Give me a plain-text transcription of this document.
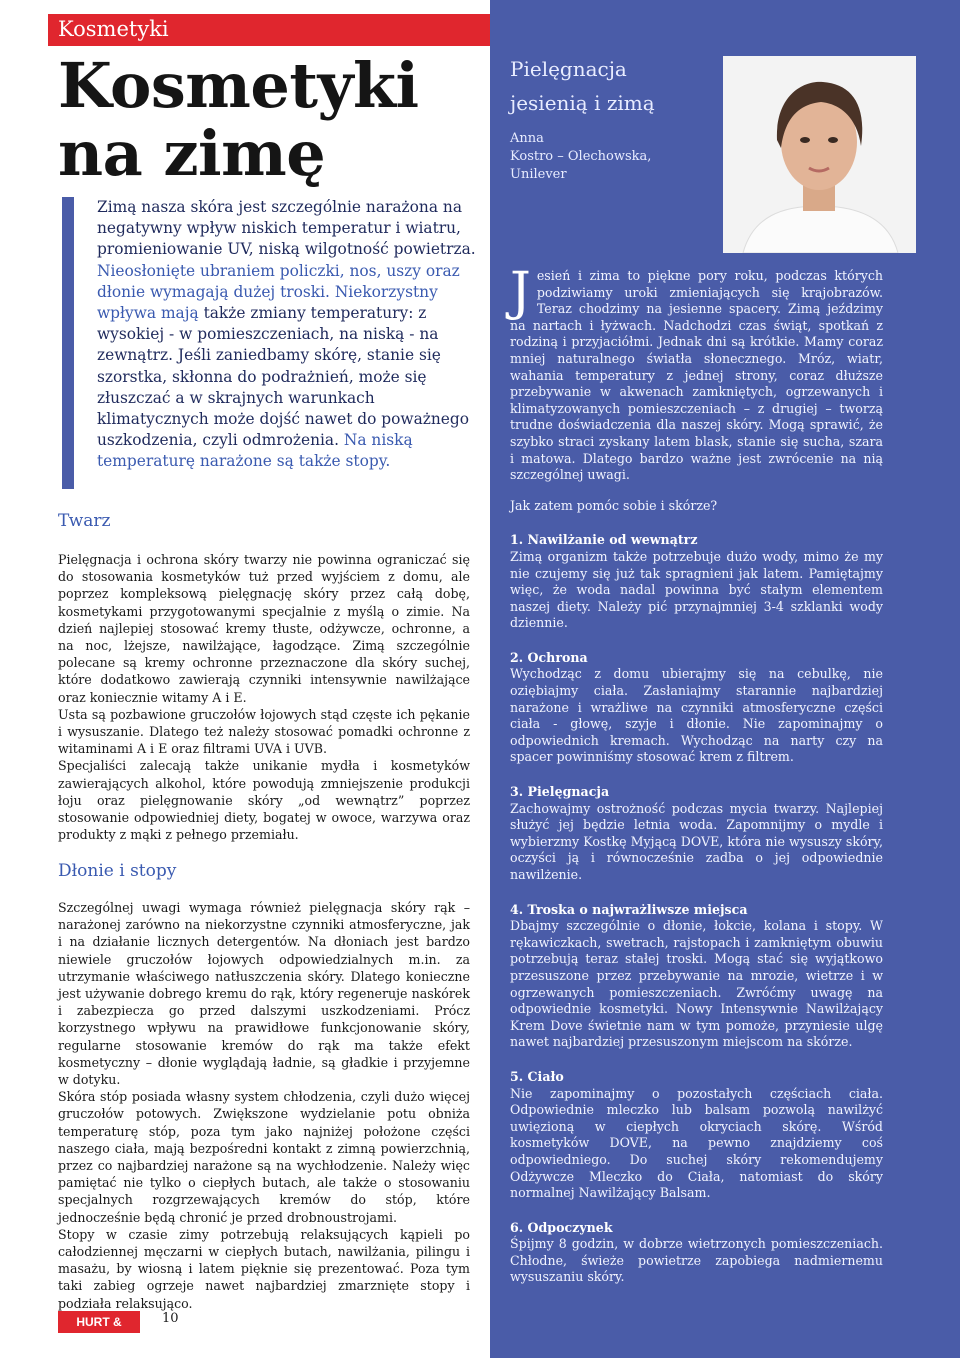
Kosmetyki
Kosmetyki
na zimę
Zimą nasza skóra jest szczególnie narażona na negatywny wpływ niskich temperatur i wiatru, promieniowanie UV, niską wilgotność powietrza. Nieosłonięte ubraniem policzki, nos, uszy oraz dłonie wymagają dużej troski. Niekorzystny wpływa mają także zmiany temperatury: z wysokiej - w pomieszczeniach, na niską - na zewnątrz. Jeśli zaniedbamy skórę, stanie się szorstka, skłonna do podrażnień, może się złuszczać a w skrajnych warunkach klimatycznych może dojść nawet do poważnego uszkodzenia, czyli odmrożenia. Na niską temperaturę narażone są także stopy.
Twarz

Pielęgnacja i ochrona skóry twarzy nie powinna ograniczać się do stosowania kosmetyków tuż przed wyjściem z domu, ale poprzez kompleksową pielęgnację skóry przez całą dobę, kosmetykami przygotowanymi specjalnie z myślą o zimie. Na dzień najlepiej stosować kremy tłuste, odżywcze, ochronne, a na noc, lżejsze, nawilżające, łagodzące. Zimą szczególnie polecane są kremy ochronne przeznaczone dla skóry suchej, które dodatkowo zawierają czynniki intensywnie nawilżające oraz koniecznie witamy A i E.

Usta są pozbawione gruczołów łojowych stąd częste ich pękanie i wysuszanie. Dlatego też należy stosować pomadki ochronne z witaminami A i E oraz filtrami UVA i UVB.

Specjaliści zalecają także unikanie mydła i kosmetyków zawierających alkohol, które powodują zmniejszenie produkcji łoju oraz pielęgnowanie skóry „od wewnątrz” poprzez stosowanie odpowiedniej diety, bogatej w owoce, warzywa oraz produkty z mąki z pełnego przemiału.

Dłonie i stopy

Szczególnej uwagi wymaga również pielęgnacja skóry rąk – narażonej zarówno na niekorzystne czynniki atmosferyczne, jak i na działanie licznych detergentów. Na dłoniach jest bardzo niewiele gruczołów łojowych odpowiedzialnych m.in. za utrzymanie właściwego natłuszczenia skóry. Dlatego konieczne jest używanie dobrego kremu do rąk, który regeneruje naskórek i zabezpiecza go przed dalszymi uszkodzeniami. Prócz korzystnego wpływu na prawidłowe funkcjonowanie skóry, regularne stosowanie kremów do rąk ma także efekt kosmetyczny – dłonie wyglądają ładnie, są gładkie i przyjemne w dotyku.

Skóra stóp posiada własny system chłodzenia, czyli dużo więcej gruczołów potowych. Zwiększone wydzielanie potu obniża temperaturę stóp, poza tym jako najniżej położone części naszego ciała, mają bezpośredni kontakt z zimną powierzchnią, przez co najbardziej narażone są na wychłodzenie. Należy więc pamiętać nie tylko o ciepłych butach, ale także o stosowaniu specjalnych rozgrzewających kremów do stóp, które jednocześnie będą chronić je przed drobnoustrojami.

Stopy w czasie zimy potrzebują relaksujących kąpieli po całodziennej męczarni w ciepłych butach, nawilżania, pilingu i masażu, by wiosną i latem pięknie się prezentować. Poza tym taki zabieg ogrzeje nawet najbardziej zmarznięte stopy i podziała relaksująco.

HURT & DETAL
10
Pielęgnacja
jesienią i zimą
Anna
Kostro – Olechowska,
Unilever

Jesień i zima to piękne pory roku, podczas których podziwiamy uroki zmieniających się krajobrazów. Teraz chodzimy na jesienne spacery. Zimą jeździmy na nartach i łyżwach. Nadchodzi czas świąt, spotkań z rodziną i przyjaciółmi. Jednak dni są krótkie. Mamy coraz mniej naturalnego światła słonecznego. Mróz, wiatr, wahania temperatury z jednej strony, coraz dłuższe przebywanie w akwenach zamkniętych, ogrzewanych i klimatyzowanych pomieszczeniach – z drugiej – tworzą trudne doświadczenia dla naszej skóry. Mogą sprawić, że szybko straci zyskany latem blask, stanie się sucha, szara i matowa. Dlatego bardzo ważne jest zwrócenie na nią szczególnej uwagi.

Jak zatem pomóc sobie i skórze?

1. Nawilżanie od wewnątrz

Zimą organizm także potrzebuje dużo wody, mimo że my nie czujemy się już tak spragnieni jak latem. Pamiętajmy więc, że woda nadal powinna być stałym elementem naszej diety. Należy pić przynajmniej 3-4 szklanki wody dziennie.

2. Ochrona

Wychodząc z domu ubierajmy się na cebulkę, nie oziębiajmy ciała. Zasłaniajmy starannie najbardziej narażone i wrażliwe na czynniki atmosferyczne części ciała - głowę, szyje i dłonie. Nie zapominajmy o odpowiednich kremach. Wychodząc na narty czy na spacer powinniśmy stosować krem z filtrem.

3. Pielęgnacja

Zachowajmy ostrożność podczas mycia twarzy. Najlepiej służyć jej będzie letnia woda. Zapomnijmy o mydle i wybierzmy Kostkę Myjącą DOVE, która nie wysuszy skóry, oczyści ją i równocześnie zadba o jej odpowiednie nawilżenie.

4. Troska o najwrażliwsze miejsca

Dbajmy szczególnie o dłonie, łokcie, kolana i stopy. W rękawiczkach, swetrach, rajstopach i zamkniętym obuwiu potrzebują teraz stałej troski. Mogą stać się wyjątkowo przesuszone przez przebywanie na mrozie, wietrze i w ogrzewanych pomieszczeniach. Zwróćmy uwagę na odpowiednie kosmetyki. Nowy Intensywnie Nawilżający Krem Dove świetnie nam w tym pomoże, przyniesie ulgę nawet najbardziej przesuszonym miejscom na skórze.

5. Ciało

Nie zapominajmy o pozostałych częściach ciała. Odpowiednie mleczko lub balsam pozwolą nawilżyć uwięzioną w ciepłych okryciach skórę. Wśród kosmetyków DOVE, na pewno znajdziemy coś odpowiedniego. Do suchej skóry rekomendujemy Odżywcze Mleczko do Ciała, natomiast do skóry normalnej Nawilżający Balsam.

6. Odpoczynek

Śpijmy 8 godzin, w dobrze wietrzonych pomieszczeniach. Chłodne, świeże powietrze zapobiega nadmiernemu wysuszaniu skóry.
